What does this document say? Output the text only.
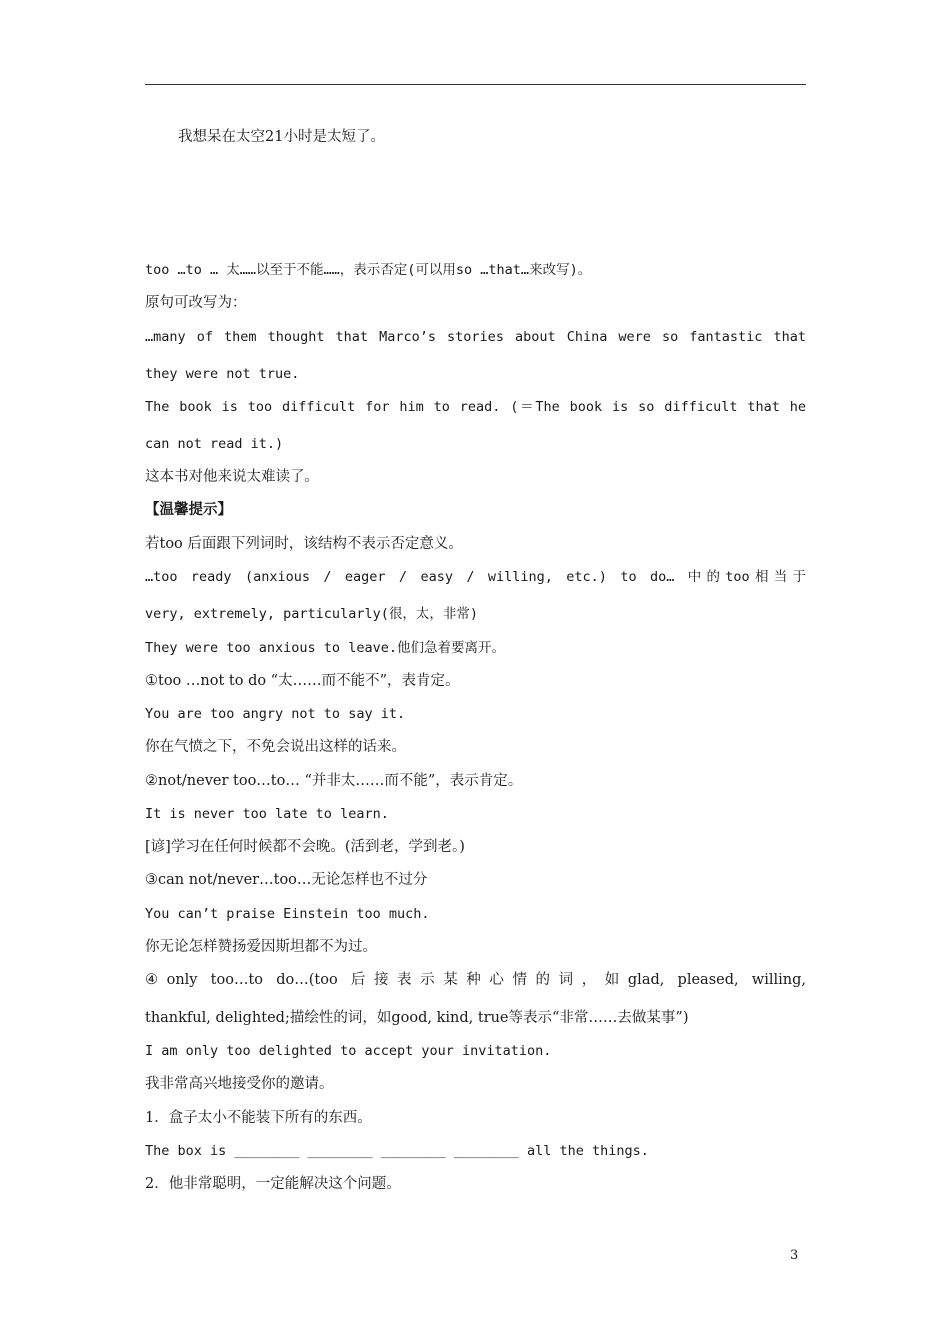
我想呆在太空21小时是太短了。
too …to … 太……以至于不能……，表示否定(可以用so …that…来改写)。
原句可改写为：
…many of them thought that Marco’s stories about China were so fantastic that
they were not true.
The book is too difficult for him to read. (＝The book is so difficult that he
can not read it.)
这本书对他来说太难读了。
【温馨提示】
若too 后面跟下列词时，该结构不表示否定意义。
…too ready (anxious / eager / easy / willing, etc.) to do… 中的too相当于
very, extremely, particularly(很，太，非常)
They were too anxious to leave.他们急着要离开。
①too …not to do “太……而不能不”，表肯定。
You are too angry not to say it.
你在气愤之下，不免会说出这样的话来。
②not/never too…to… “并非太……而不能”，表示肯定。
It is never too late to learn.
[谚]学习在任何时候都不会晚。(活到老，学到老。)
③can not/never…too…无论怎样也不过分
You can’t praise Einstein too much.
你无论怎样赞扬爱因斯坦都不为过。
④only too…to do…(too 后接表示某种心情的词，如glad, pleased, willing,
thankful, delighted;描绘性的词，如good, kind, true等表示“非常……去做某事”)
I am only too delighted to accept your invitation.
我非常高兴地接受你的邀请。
1．盒子太小不能装下所有的东西。
The box is ________ ________ ________ ________ all the things.
2．他非常聪明，一定能解决这个问题。
3
